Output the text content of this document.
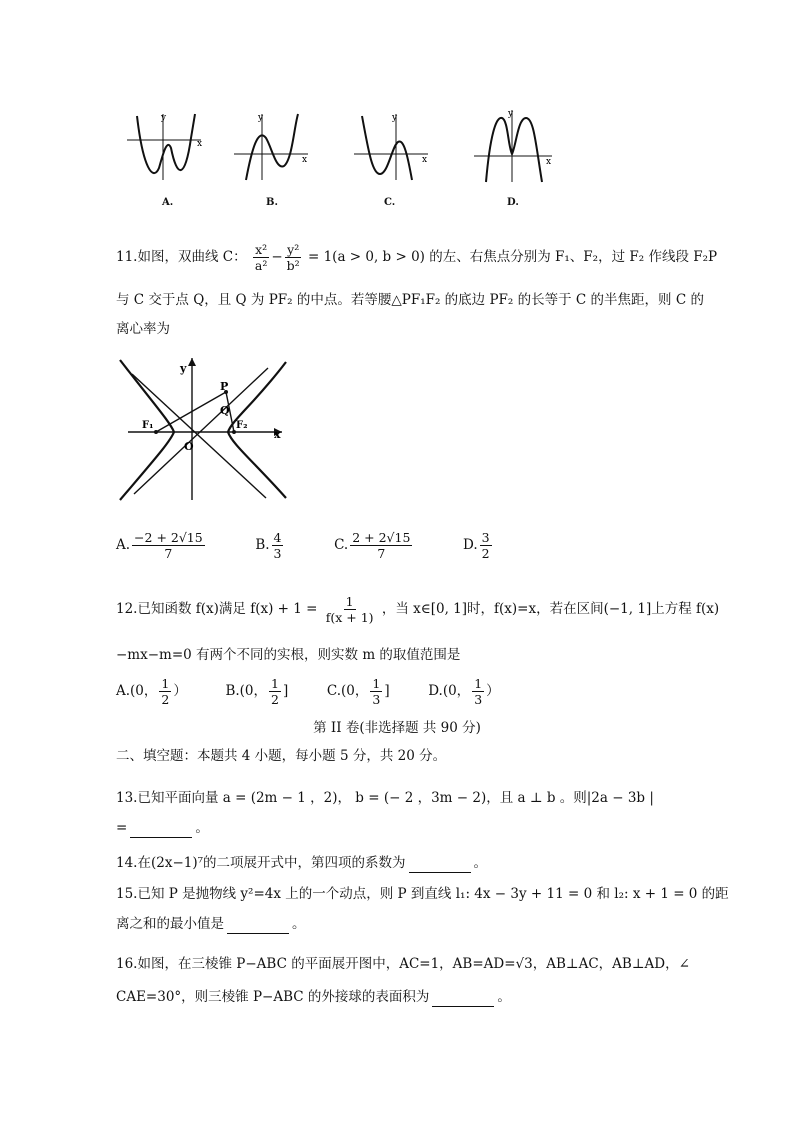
y
x
y
x
y
x
y
x
A.	B.	C.	D.
11.如图，双曲线 C： $\frac{\text{x²}}{\text{a²}} - \frac{\text{y²}}{\text{b²}} = 1(a > 0$, b > 0) 的左、右焦点分别为 F₁、F₂，过 F₂ 作线段 F₂P
与 C 交于点 Q，且 Q 为 PF₂ 的中点。若等腰△PF₁F₂ 的底边 PF₂ 的长等于 C 的半焦距，则 C 的
离心率为
y
x
P
Q
F₁	F₂
O
A. $\frac{-2 + 2√15}{7}$	B. $\frac{4}{3}$	C. $\frac{2 + 2√15}{7}$	D. $\frac{3}{2}$
12.已知函数 f(x)满足 $f(x) + 1 = \frac{1}{f(x + 1)}$ ，当 x∈[0, 1]时，f(x)=x，若在区间(−1, 1]上方程 f(x)
−mx−m=0 有两个不同的实根，则实数 m 的取值范围是
A.(0， $\frac{1}{2}$ ）	B.(0， $\frac{1}{2}$ ]	C.(0， $\frac{1}{3}$ ]	D.(0， $\frac{1}{3}$ ）
第 II 卷(非选择题 共 90 分)
二、填空题：本题共 4 小题，每小题 5 分，共 20 分。
13.已知平面向量 a = (2m − 1 ，2)， b = (− 2 ，3m − 2)，且 a ⊥ b 。则|2a − 3b |
=	。
14.在(2x−1)⁷的二项展开式中，第四项的系数为	。
15.已知 P 是抛物线 y²=4x 上的一个动点，则 P 到直线 l₁: 4x − 3y + 11 = 0 和 l₂: x + 1 = 0 的距
离之和的最小值是	。
16.如图，在三棱锥 P−ABC 的平面展开图中，AC=1，AB=AD=√3，AB⊥AC，AB⊥AD，∠
CAE=30°，则三棱锥 P−ABC 的外接球的表面积为	。
